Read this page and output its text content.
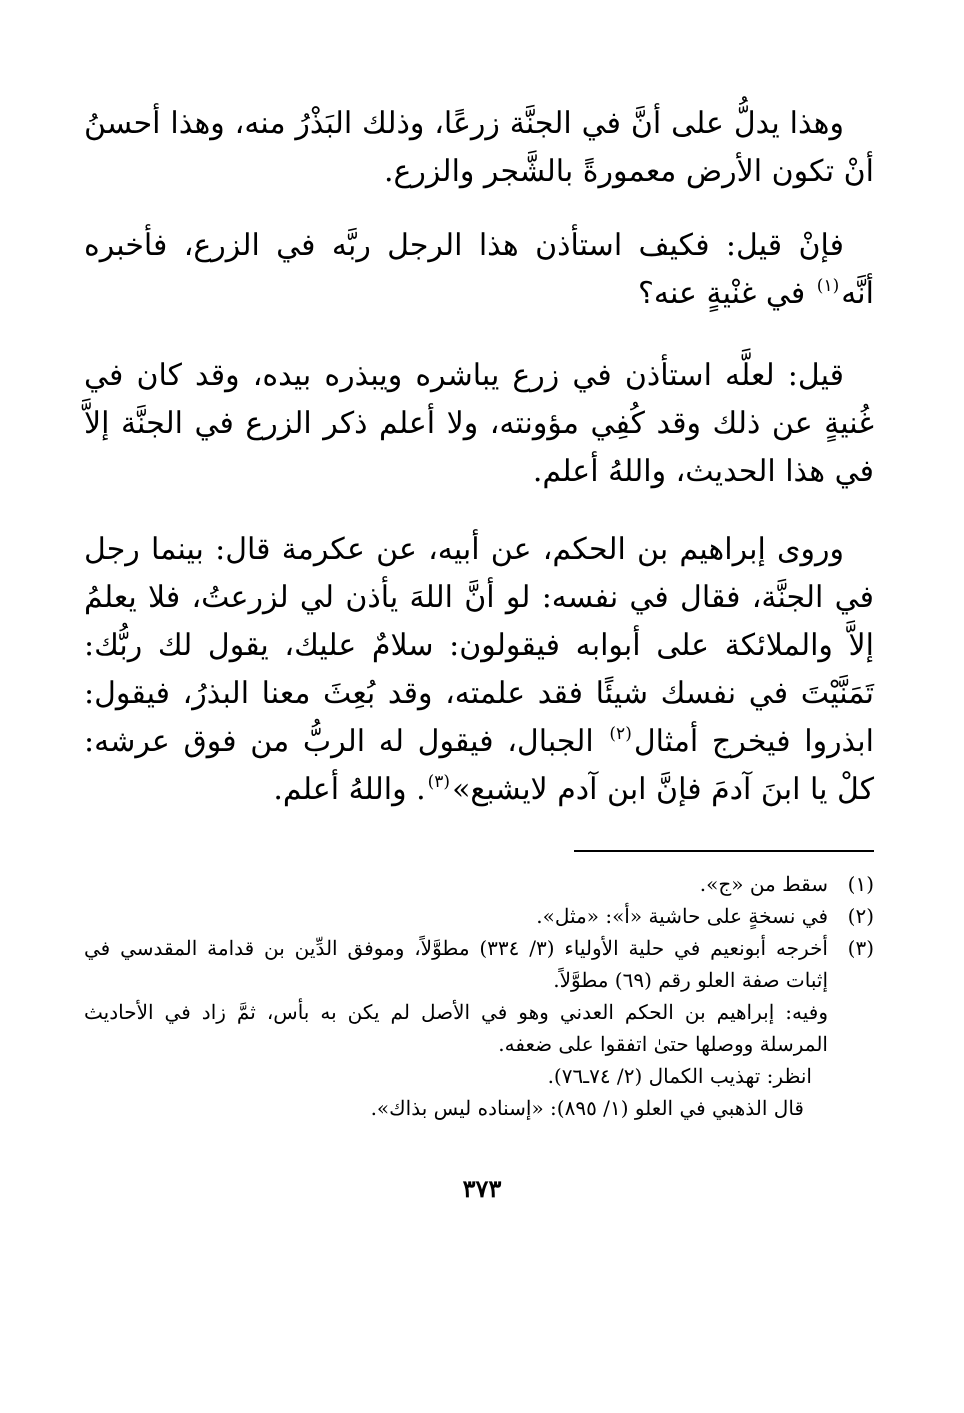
وهذا يدلُّ على أنَّ في الجنَّة زرعًا، وذلك البَذْرُ منه، وهذا أحسنُ أنْ تكون الأرض معمورةً بالشَّجر والزرع.

فإنْ قيل: فكيف استأذن هذا الرجل ربَّه في الزرع، فأخبره أنَّه$^{(١)}$ في غنْيةٍ عنه؟

قيل: لعلَّه استأذن في زرع يباشره ويبذره بيده، وقد كان في غُنيةٍ عن ذلك وقد كُفِي مؤونته، ولا أعلم ذكر الزرع في الجنَّة إلاَّ في هذا الحديث، واللهُ أعلم.

وروى إبراهيم بن الحكم، عن أبيه، عن عكرمة قال: بينما رجل في الجنَّة، فقال في نفسه: لو أنَّ اللهَ يأذن لي لزرعتُ، فلا يعلمُ إلاَّ والملائكة على أبوابه فيقولون: سلامٌ عليك، يقول لك ربُّك: تَمَنَّيْتَ في نفسك شيئًا فقد علمته، وقد بُعِثَ معنا البذرُ، فيقول: ابذروا فيخرج أمثال$^{(٢)}$ الجبال، فيقول له الربُّ من فوق عرشه: كلْ يا ابنَ آدمَ فإنَّ ابن آدم لايشبع»$^{(٣)}$. واللهُ أعلم.

(١)
سقط من «ج».
(٢)
في نسخةٍ على حاشية «أ»: «مثل».
(٣)
أخرجه أبونعيم في حلية الأولياء (٣/ ٣٣٤) مطوَّلاً، وموفق الدِّين بن قدامة المقدسي في إثبات صفة العلو رقم (٦٩) مطوَّلاً.
وفيه: إبراهيم بن الحكم العدني وهو في الأصل لم يكن به بأس، ثمَّ زاد في الأحاديث المرسلة ووصلها حتىٰ اتفقوا على ضعفه.
انظر: تهذيب الكمال (٢/ ٧٤ـ٧٦).
قال الذهبي في العلو (١/ ٨٩٥): «إسناده ليس بذاك».
٣٧٣
